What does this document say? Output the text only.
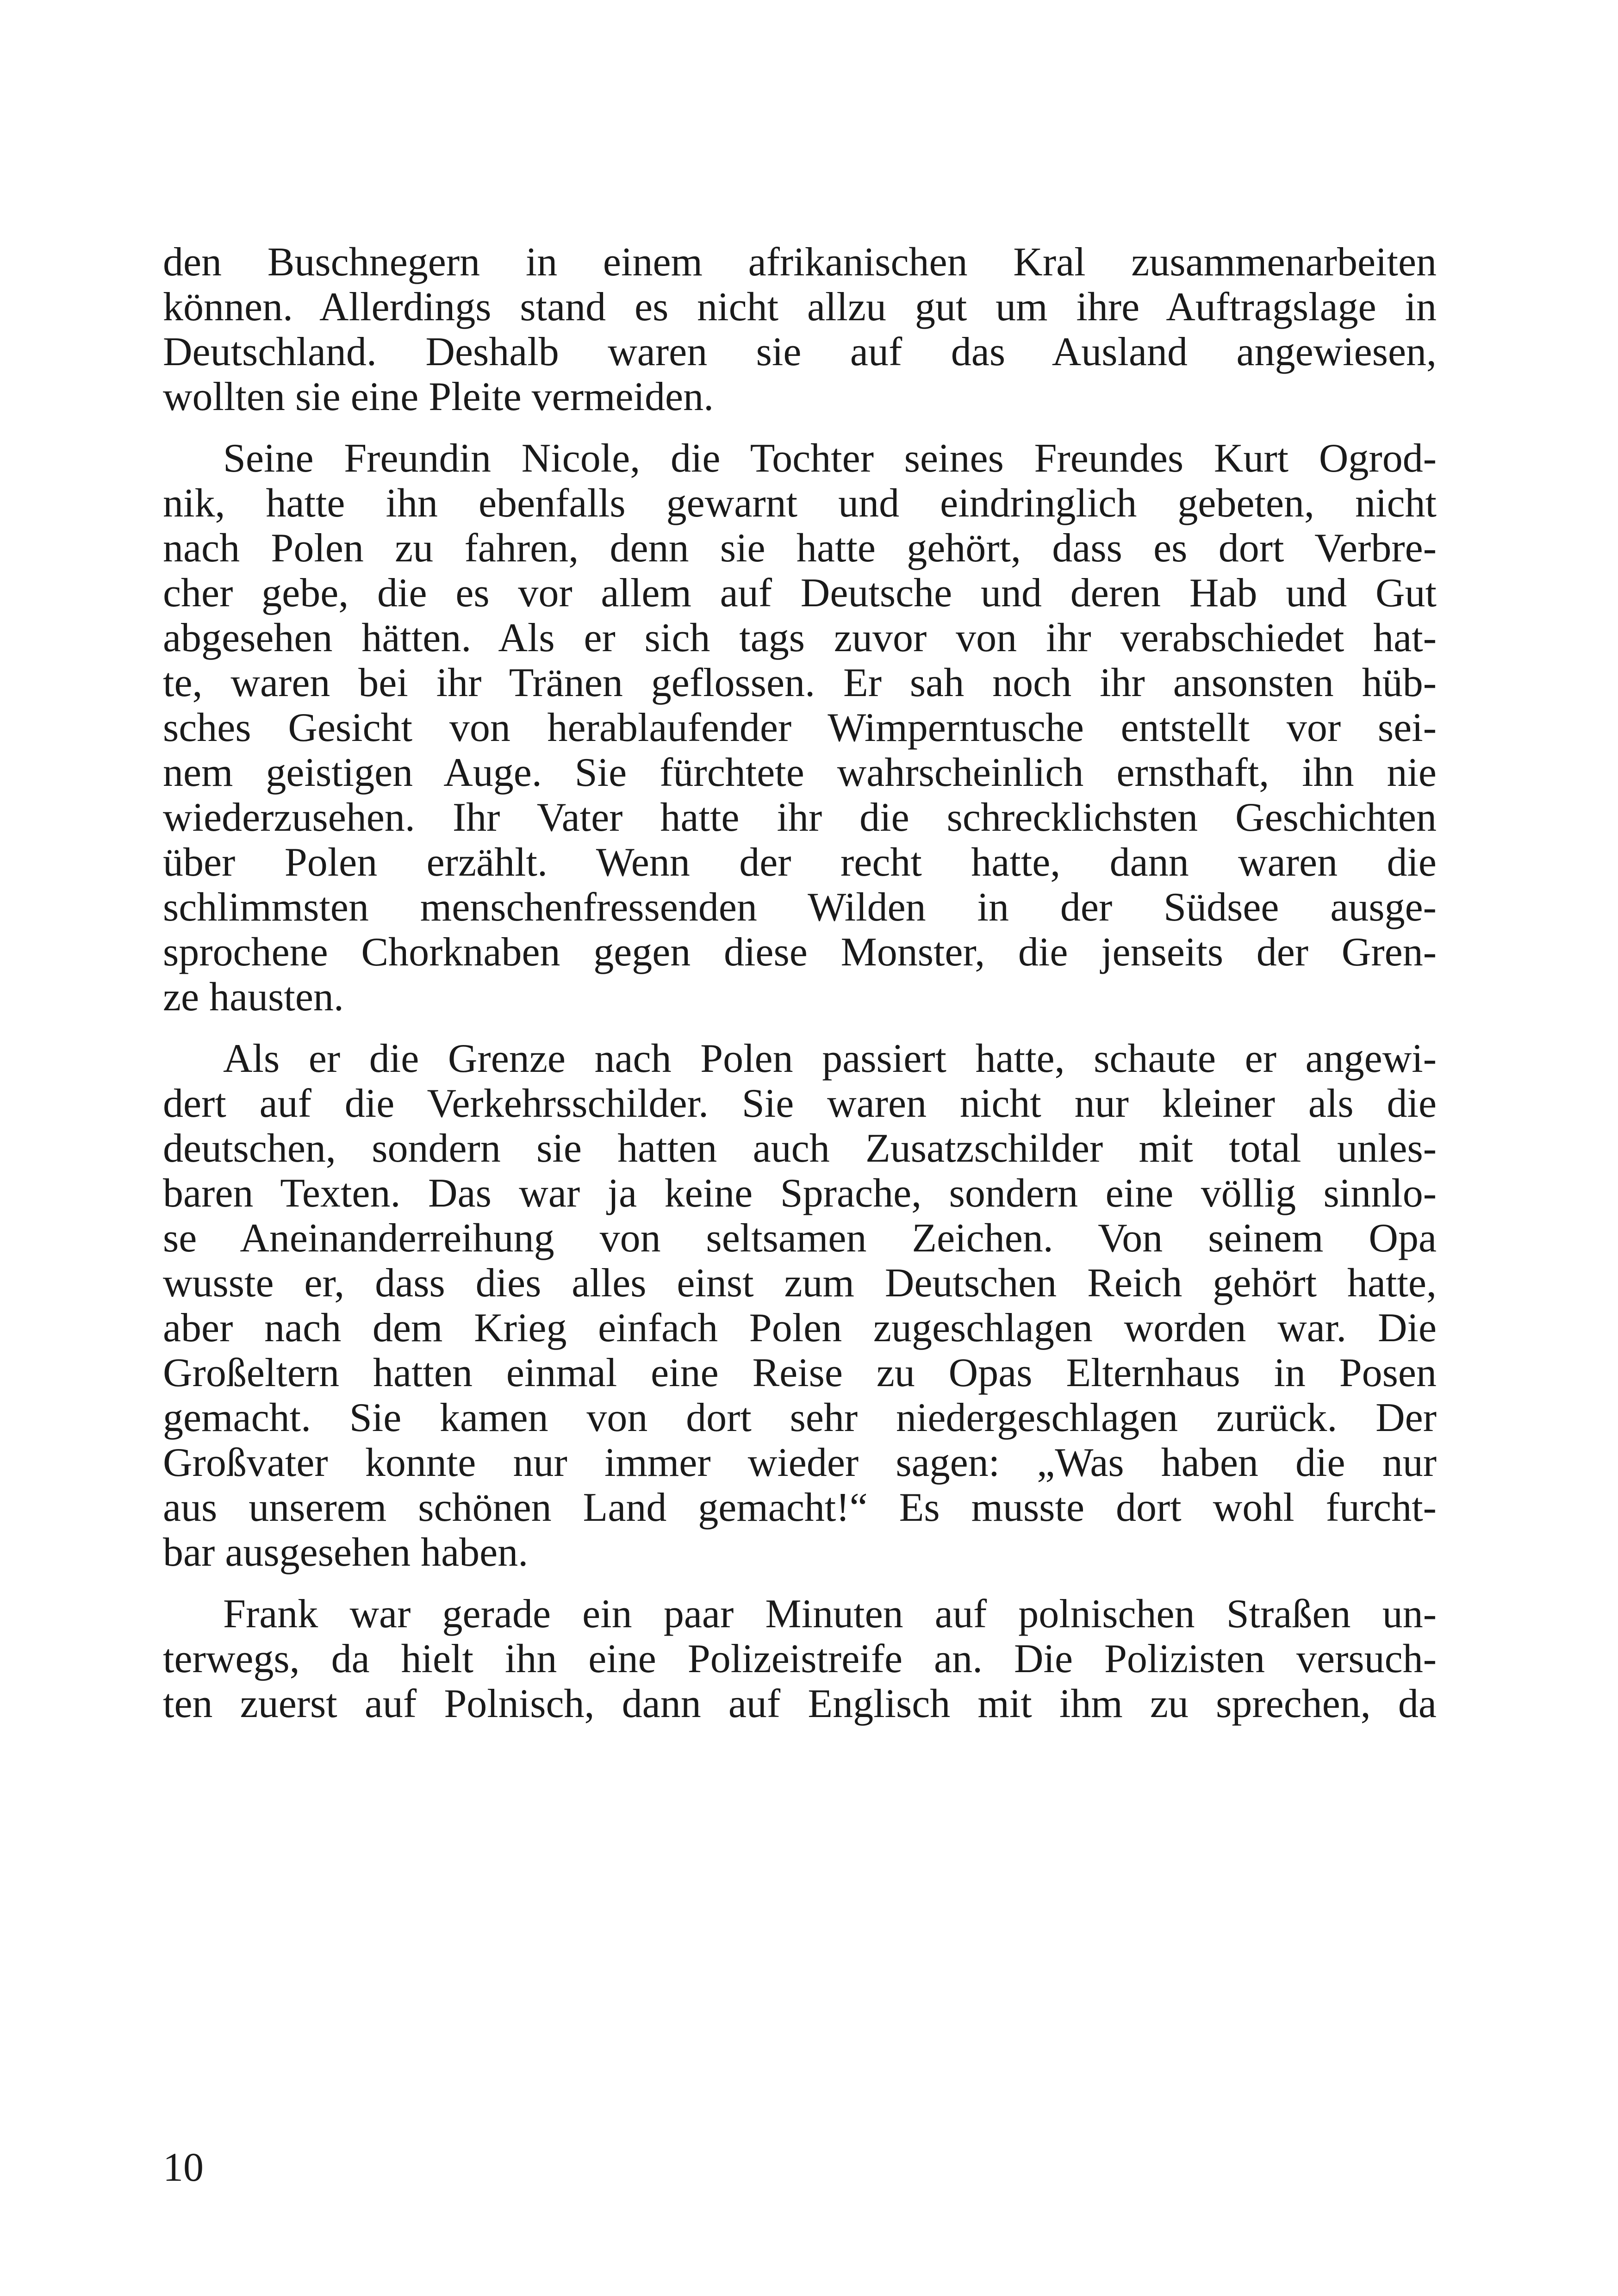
den Buschnegern in einem afrikanischen Kral zusammenarbeiten
können. Allerdings stand es nicht allzu gut um ihre Auftragslage in
Deutschland. Deshalb waren sie auf das Ausland angewiesen,
wollten sie eine Pleite vermeiden.

Seine Freundin Nicole, die Tochter seines Freundes Kurt Ogrod-
nik, hatte ihn ebenfalls gewarnt und eindringlich gebeten, nicht
nach Polen zu fahren, denn sie hatte gehört, dass es dort Verbre-
cher gebe, die es vor allem auf Deutsche und deren Hab und Gut
abgesehen hätten. Als er sich tags zuvor von ihr verabschiedet hat-
te, waren bei ihr Tränen geflossen. Er sah noch ihr ansonsten hüb-
sches Gesicht von herablaufender Wimperntusche entstellt vor sei-
nem geistigen Auge. Sie fürchtete wahrscheinlich ernsthaft, ihn nie
wiederzusehen. Ihr Vater hatte ihr die schrecklichsten Geschichten
über Polen erzählt. Wenn der recht hatte, dann waren die
schlimmsten menschenfressenden Wilden in der Südsee ausge-
sprochene Chorknaben gegen diese Monster, die jenseits der Gren-
ze hausten.

Als er die Grenze nach Polen passiert hatte, schaute er angewi-
dert auf die Verkehrsschilder. Sie waren nicht nur kleiner als die
deutschen, sondern sie hatten auch Zusatzschilder mit total unles-
baren Texten. Das war ja keine Sprache, sondern eine völlig sinnlo-
se Aneinanderreihung von seltsamen Zeichen. Von seinem Opa
wusste er, dass dies alles einst zum Deutschen Reich gehört hatte,
aber nach dem Krieg einfach Polen zugeschlagen worden war. Die
Großeltern hatten einmal eine Reise zu Opas Elternhaus in Posen
gemacht. Sie kamen von dort sehr niedergeschlagen zurück. Der
Großvater konnte nur immer wieder sagen: „Was haben die nur
aus unserem schönen Land gemacht!“ Es musste dort wohl furcht-
bar ausgesehen haben.

Frank war gerade ein paar Minuten auf polnischen Straßen un-
terwegs, da hielt ihn eine Polizeistreife an. Die Polizisten versuch-
ten zuerst auf Polnisch, dann auf Englisch mit ihm zu sprechen, da

10
